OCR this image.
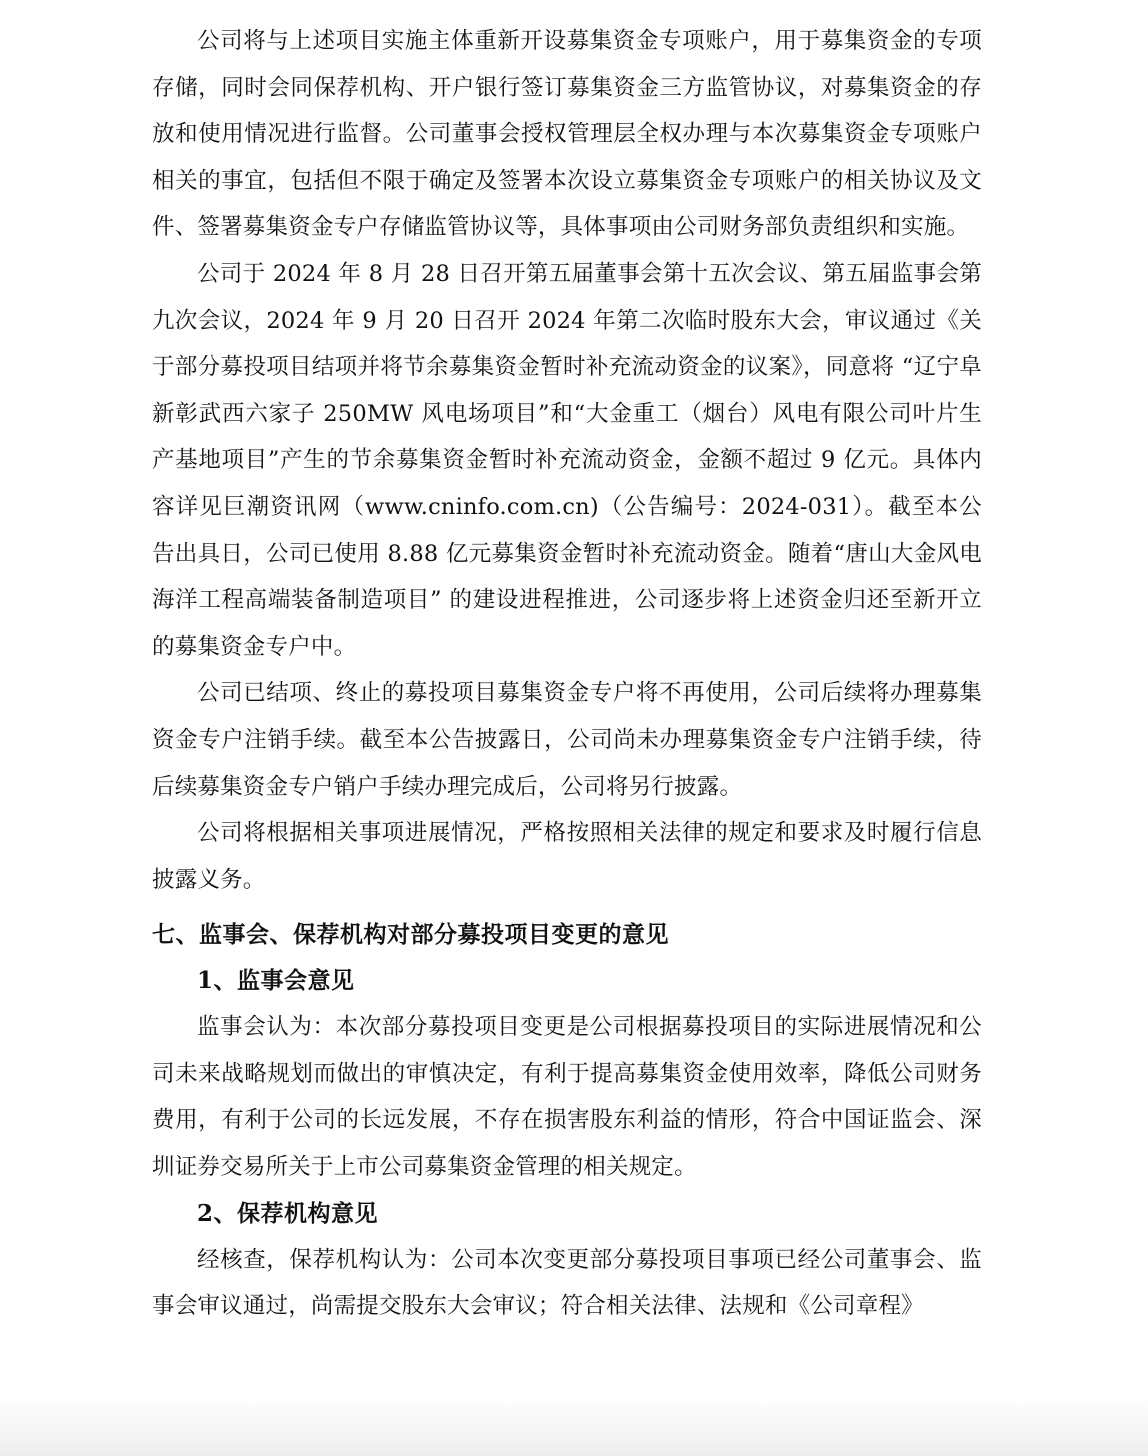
公司将与上述项目实施主体重新开设募集资金专项账户，用于募集资金的专项存储，同时会同保荐机构、开户银行签订募集资金三方监管协议，对募集资金的存放和使用情况进行监督。公司董事会授权管理层全权办理与本次募集资金专项账户相关的事宜，包括但不限于确定及签署本次设立募集资金专项账户的相关协议及文件、签署募集资金专户存储监管协议等，具体事项由公司财务部负责组织和实施。

公司于 2024 年 8 月 28 日召开第五届董事会第十五次会议、第五届监事会第九次会议，2024 年 9 月 20 日召开 2024 年第二次临时股东大会，审议通过《关于部分募投项目结项并将节余募集资金暂时补充流动资金的议案》，同意将 “辽宁阜新彰武西六家子 250MW 风电场项目”和“大金重工（烟台）风电有限公司叶片生产基地项目”产生的节余募集资金暂时补充流动资金，金额不超过 9 亿元。具体内容详见巨潮资讯网（www.cninfo.com.cn)（公告编号：2024-031）。截至本公告出具日，公司已使用 8.88 亿元募集资金暂时补充流动资金。随着“唐山大金风电海洋工程高端装备制造项目” 的建设进程推进，公司逐步将上述资金归还至新开立的募集资金专户中。

公司已结项、终止的募投项目募集资金专户将不再使用，公司后续将办理募集资金专户注销手续。截至本公告披露日，公司尚未办理募集资金专户注销手续，待后续募集资金专户销户手续办理完成后，公司将另行披露。

公司将根据相关事项进展情况，严格按照相关法律的规定和要求及时履行信息披露义务。

七、监事会、保荐机构对部分募投项目变更的意见

1、监事会意见

监事会认为：本次部分募投项目变更是公司根据募投项目的实际进展情况和公司未来战略规划而做出的审慎决定，有利于提高募集资金使用效率，降低公司财务费用，有利于公司的长远发展，不存在损害股东利益的情形，符合中国证监会、深圳证券交易所关于上市公司募集资金管理的相关规定。

2、保荐机构意见

经核查，保荐机构认为：公司本次变更部分募投项目事项已经公司董事会、监事会审议通过，尚需提交股东大会审议；符合相关法律、法规和《公司章程》
